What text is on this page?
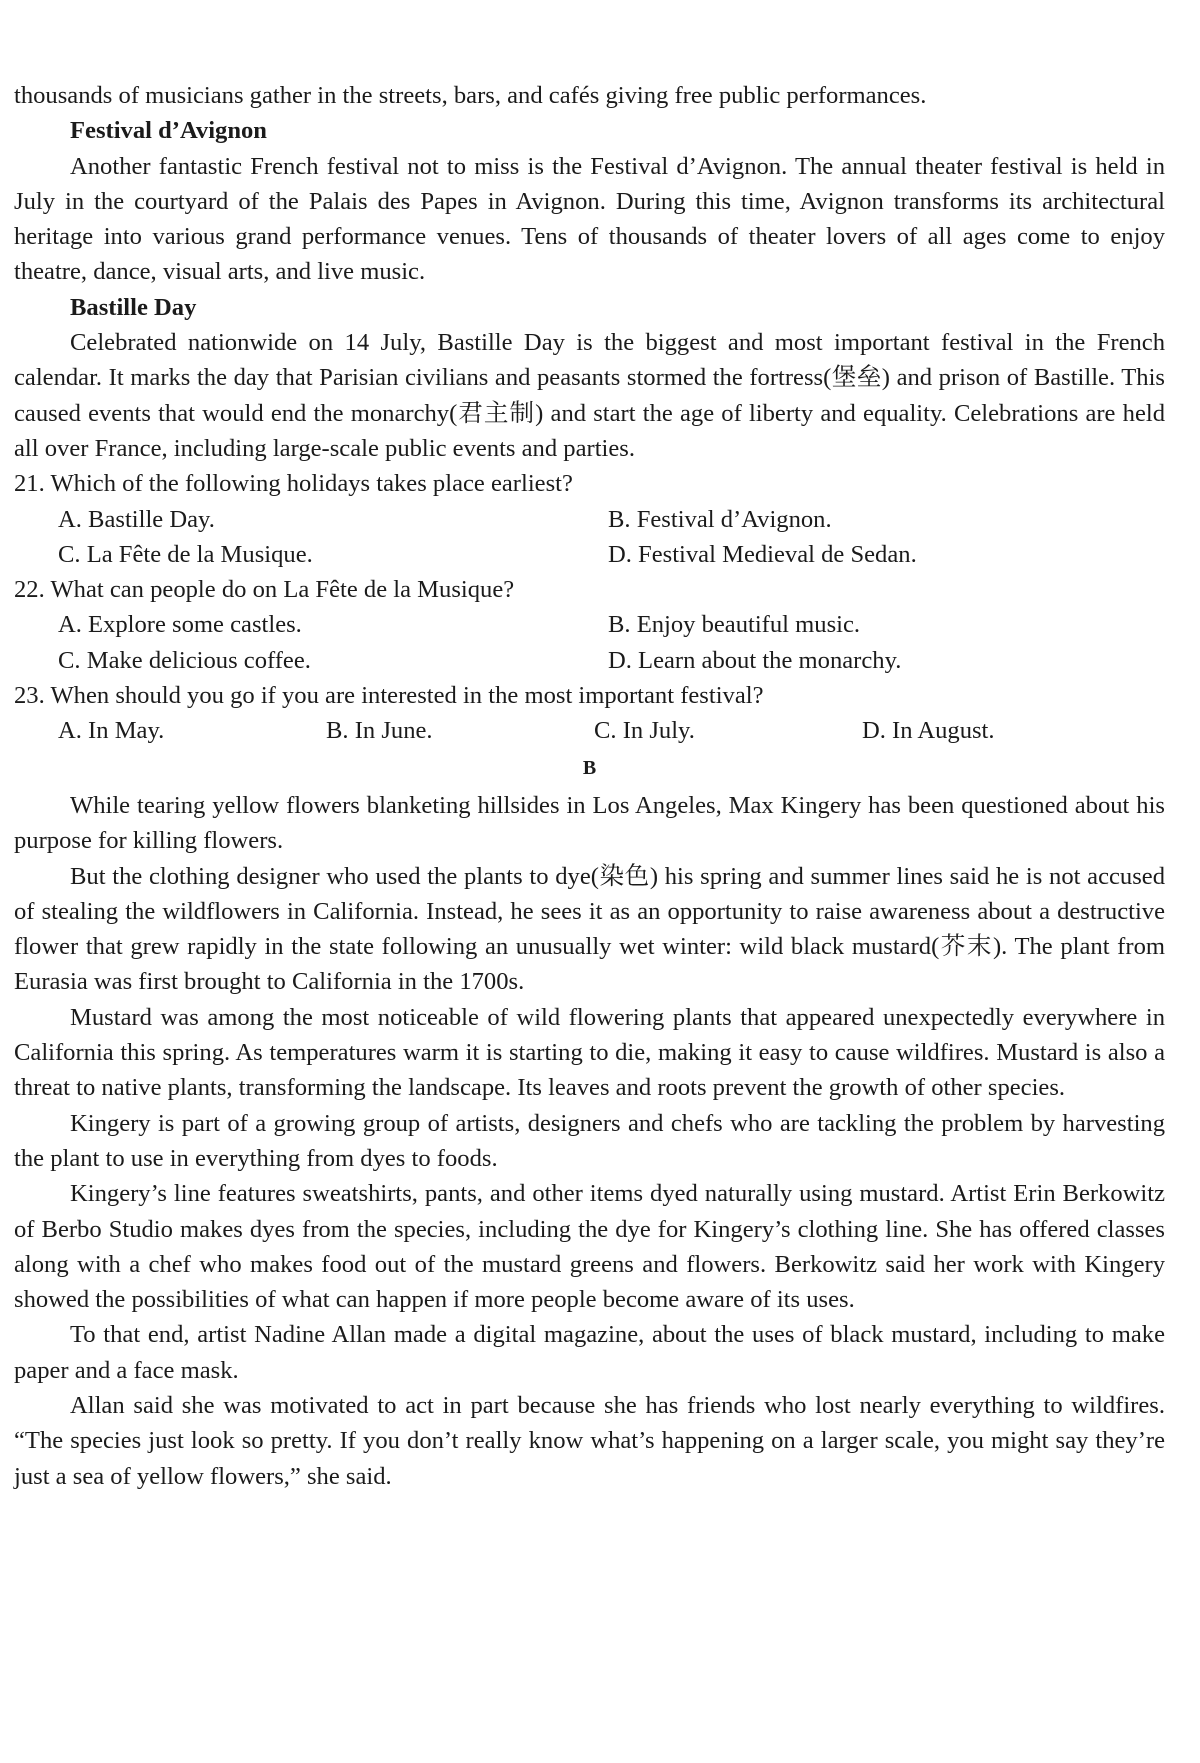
thousands of musicians gather in the streets, bars, and cafés giving free public performances.

Festival d’Avignon

Another fantastic French festival not to miss is the Festival d’Avignon. The annual theater festival is held in July in the courtyard of the Palais des Papes in Avignon. During this time, Avignon transforms its architectural heritage into various grand performance venues. Tens of thousands of theater lovers of all ages come to enjoy theatre, dance, visual arts, and live music.

Bastille Day

Celebrated nationwide on 14 July, Bastille Day is the biggest and most important festival in the French calendar. It marks the day that Parisian civilians and peasants stormed the fortress(堡垒) and prison of Bastille. This caused events that would end the monarchy(君主制) and start the age of liberty and equality. Celebrations are held all over France, including large-scale public events and parties.

21. Which of the following holidays takes place earliest?

A. Bastille Day.	B. Festival d’Avignon.
C. La Fête de la Musique.	D. Festival Medieval de Sedan.

22. What can people do on La Fête de la Musique?

A. Explore some castles.	B. Enjoy beautiful music.
C. Make delicious coffee.	D. Learn about the monarchy.

23. When should you go if you are interested in the most important festival?

A. In May.	B. In June.	C. In July.	D. In August.

B

While tearing yellow flowers blanketing hillsides in Los Angeles, Max Kingery has been questioned about his purpose for killing flowers.

But the clothing designer who used the plants to dye(染色) his spring and summer lines said he is not accused of stealing the wildflowers in California. Instead, he sees it as an opportunity to raise awareness about a destructive flower that grew rapidly in the state following an unusually wet winter: wild black mustard(芥末). The plant from Eurasia was first brought to California in the 1700s.

Mustard was among the most noticeable of wild flowering plants that appeared unexpectedly everywhere in California this spring. As temperatures warm it is starting to die, making it easy to cause wildfires. Mustard is also a threat to native plants, transforming the landscape. Its leaves and roots prevent the growth of other species.

Kingery is part of a growing group of artists, designers and chefs who are tackling the problem by harvesting the plant to use in everything from dyes to foods.

Kingery’s line features sweatshirts, pants, and other items dyed naturally using mustard. Artist Erin Berkowitz of Berbo Studio makes dyes from the species, including the dye for Kingery’s clothing line. She has offered classes along with a chef who makes food out of the mustard greens and flowers. Berkowitz said her work with Kingery showed the possibilities of what can happen if more people become aware of its uses.

To that end, artist Nadine Allan made a digital magazine, about the uses of black mustard, including to make paper and a face mask.

Allan said she was motivated to act in part because she has friends who lost nearly everything to wildfires. “The species just look so pretty. If you don’t really know what’s happening on a larger scale, you might say they’re just a sea of yellow flowers,” she said.
